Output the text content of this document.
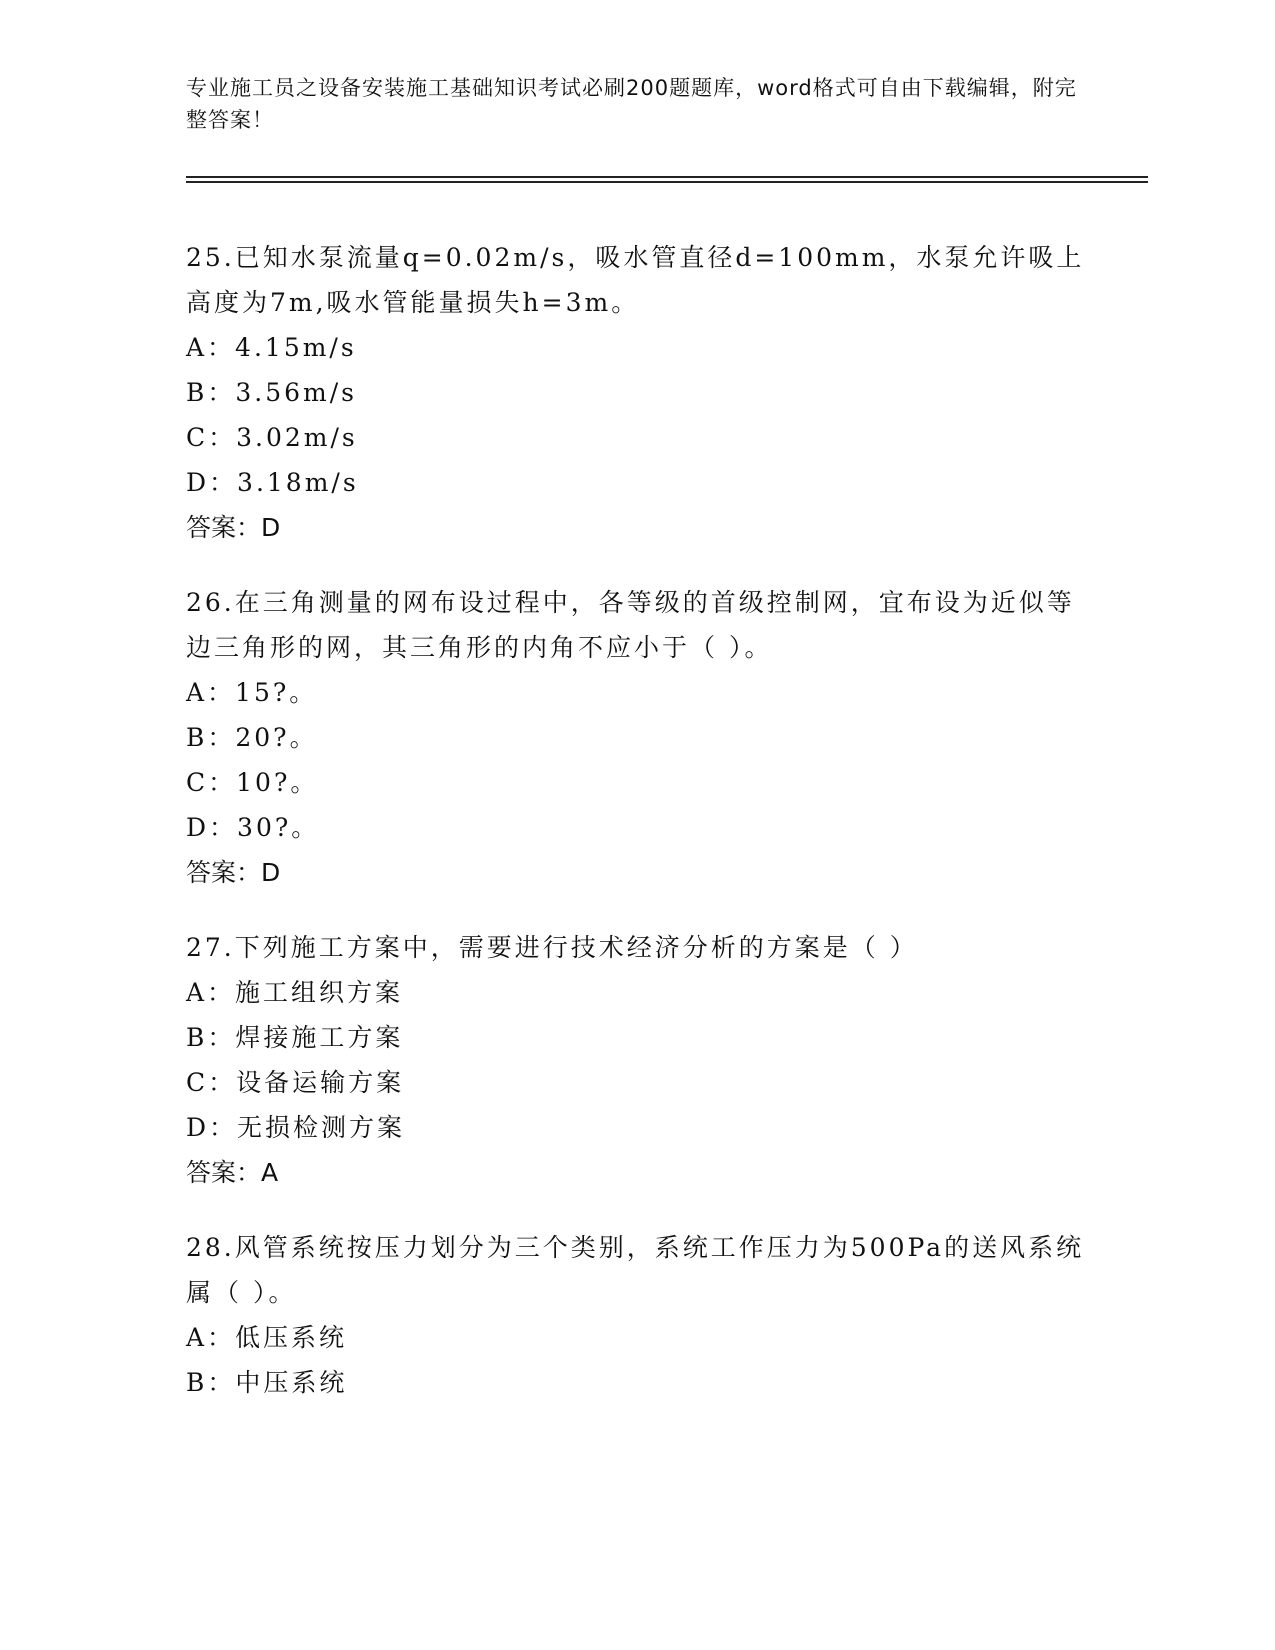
专业施工员之设备安装施工基础知识考试必刷200题题库，word格式可自由下载编辑，附完整答案！

25.已知水泵流量q=0.02m/s，吸水管直径d=100mm，水泵允许吸上高度为7m,吸水管能量损失h=3m。

A：4.15m/s

B：3.56m/s

C：3.02m/s

D：3.18m/s

答案：D

26.在三角测量的网布设过程中，各等级的首级控制网，宜布设为近似等边三角形的网，其三角形的内角不应小于（ ）。

A：15?。

B：20?。

C：10?。

D：30?。

答案：D

27.下列施工方案中，需要进行技术经济分析的方案是（ ）

A：施工组织方案

B：焊接施工方案

C：设备运输方案

D：无损检测方案

答案：A

28.风管系统按压力划分为三个类别，系统工作压力为500Pa的送风系统属（ ）。

A：低压系统

B：中压系统
